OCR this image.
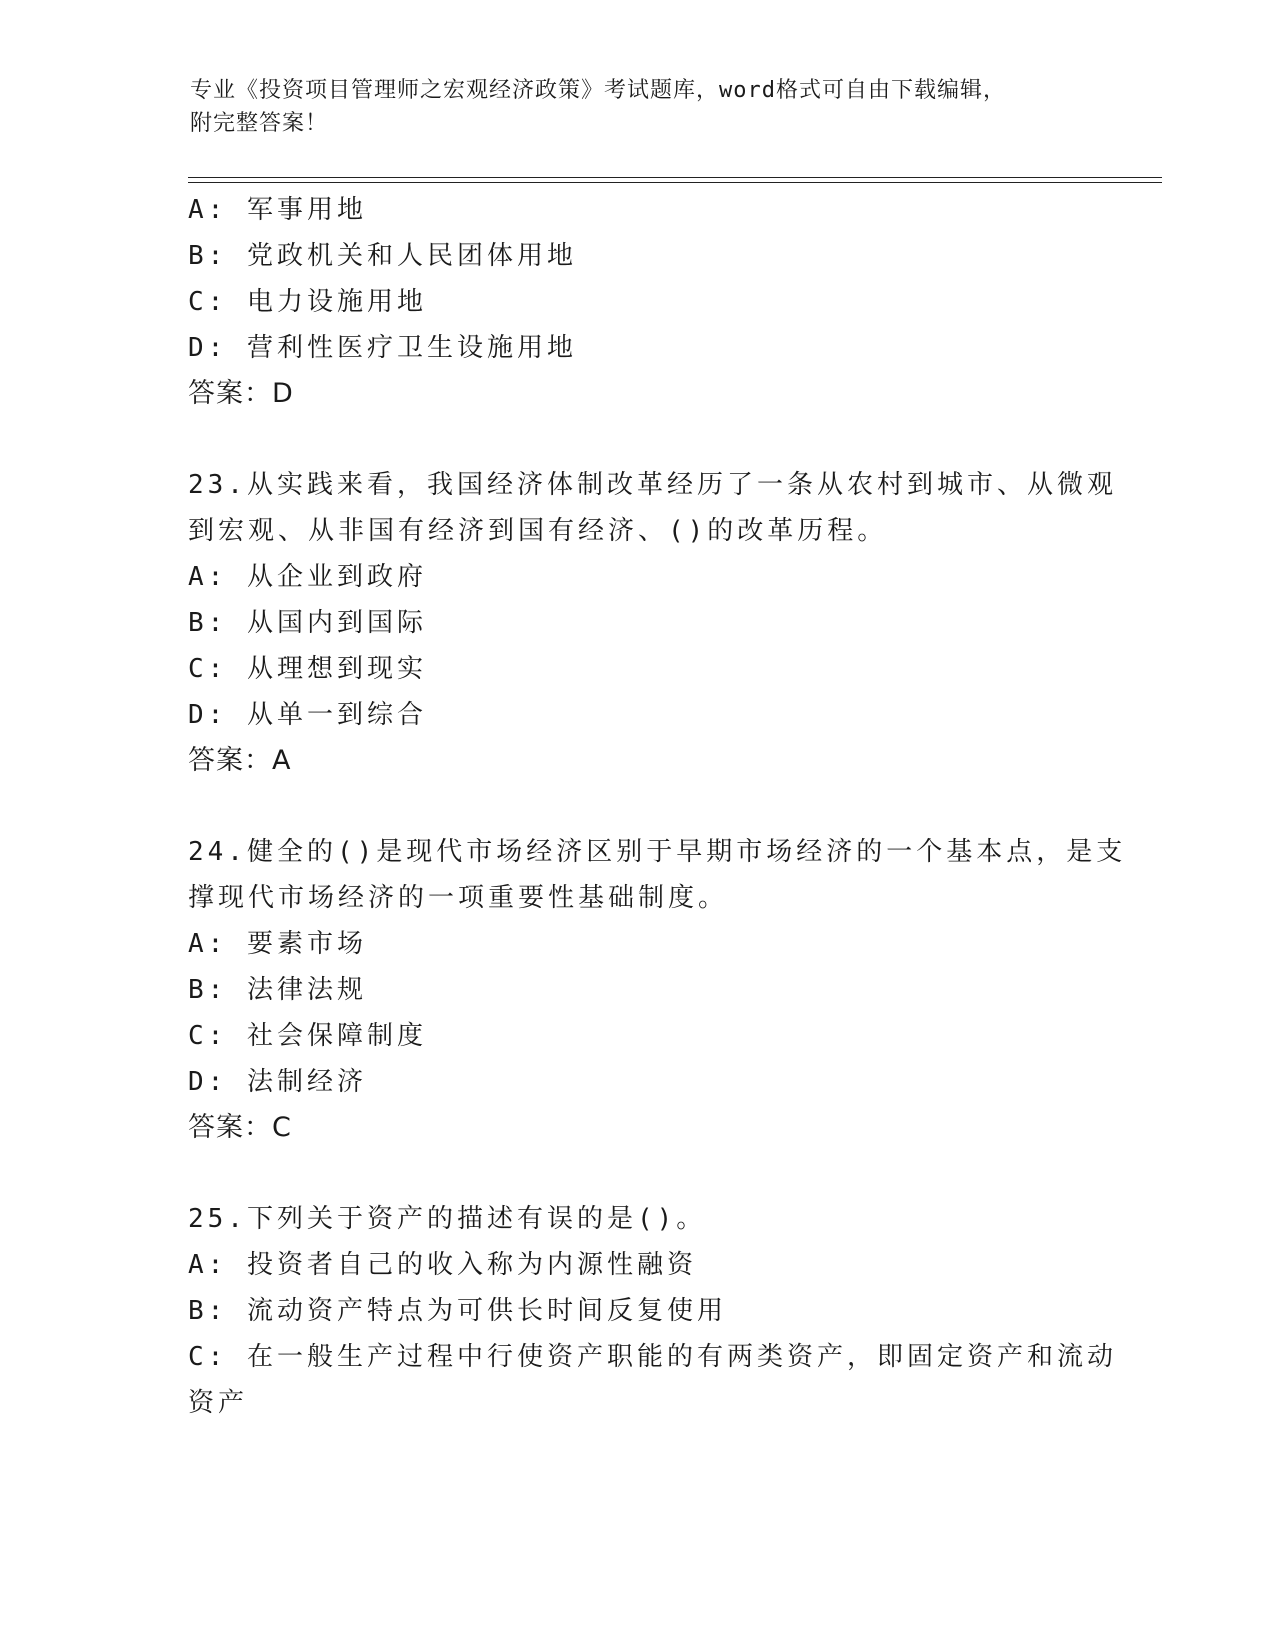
专业《投资项目管理师之宏观经济政策》考试题库，word格式可自由下载编辑，
附完整答案！
A: 军事用地
B: 党政机关和人民团体用地
C: 电力设施用地
D: 营利性医疗卫生设施用地
答案：D
23.从实践来看，我国经济体制改革经历了一条从农村到城市、从微观
到宏观、从非国有经济到国有经济、()的改革历程。
A: 从企业到政府
B: 从国内到国际
C: 从理想到现实
D: 从单一到综合
答案：A
24.健全的()是现代市场经济区别于早期市场经济的一个基本点，是支
撑现代市场经济的一项重要性基础制度。
A: 要素市场
B: 法律法规
C: 社会保障制度
D: 法制经济
答案：C
25.下列关于资产的描述有误的是()。
A: 投资者自己的收入称为内源性融资
B: 流动资产特点为可供长时间反复使用
C: 在一般生产过程中行使资产职能的有两类资产，即固定资产和流动
资产
